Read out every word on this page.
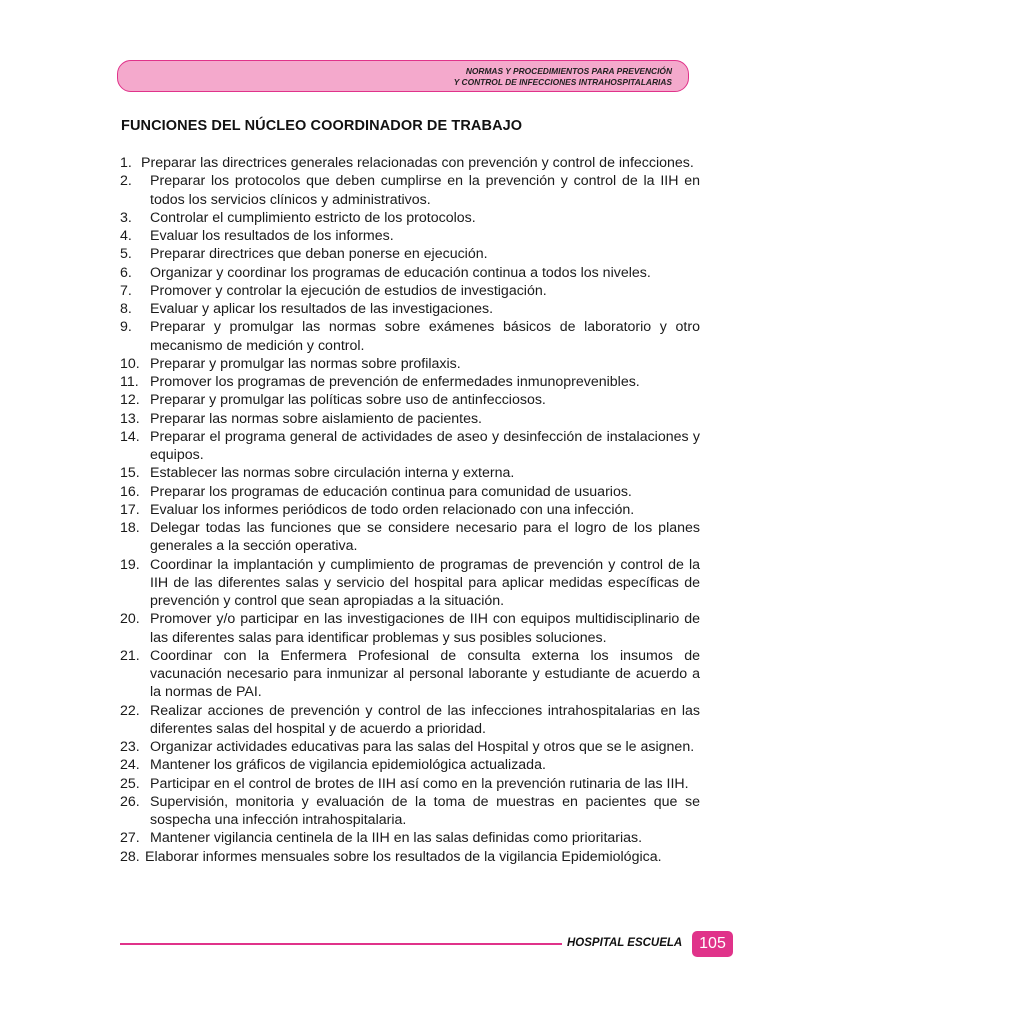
NORMAS Y PROCEDIMIENTOS PARA PREVENCIÓN
Y CONTROL DE INFECCIONES INTRAHOSPITALARIAS
FUNCIONES DEL NÚCLEO COORDINADOR DE TRABAJO
1. Preparar las directrices generales relacionadas con prevención y control de infecciones.
2. Preparar los protocolos que deben cumplirse en la prevención y control de la IIH en todos los servicios clínicos y administrativos.
3. Controlar el cumplimiento estricto de los protocolos.
4. Evaluar los resultados de los informes.
5. Preparar directrices que deban ponerse en ejecución.
6. Organizar y coordinar los programas de educación continua a todos los niveles.
7. Promover y controlar la ejecución de estudios de investigación.
8. Evaluar y aplicar los resultados de las investigaciones.
9. Preparar y promulgar las normas sobre exámenes básicos de laboratorio y otro mecanismo de medición y control.
10. Preparar y promulgar las normas sobre profilaxis.
11. Promover los programas de prevención de enfermedades inmunoprevenibles.
12. Preparar y promulgar las políticas sobre uso de antinfecciosos.
13. Preparar las normas sobre aislamiento de pacientes.
14. Preparar el programa general de actividades de aseo y desinfección de instalaciones y equipos.
15. Establecer las normas sobre circulación interna y externa.
16. Preparar los programas de educación continua para comunidad de usuarios.
17. Evaluar los informes periódicos de todo orden relacionado con una infección.
18. Delegar todas las funciones que se considere necesario para el logro de los planes generales a la sección operativa.
19. Coordinar la implantación y cumplimiento de programas de prevención y control de la IIH de las diferentes salas y servicio del hospital para aplicar medidas específicas de prevención y control que sean apropiadas a la situación.
20. Promover y/o participar en las investigaciones de IIH con equipos multidisciplinario de las diferentes salas para identificar problemas y sus posibles soluciones.
21. Coordinar con la Enfermera Profesional de consulta externa los insumos de vacunación necesario para inmunizar al personal laborante y estudiante de acuerdo a la normas de PAI.
22. Realizar acciones de prevención y control de las infecciones intrahospitalarias en las diferentes salas del hospital y de acuerdo a prioridad.
23. Organizar actividades educativas para las salas del Hospital y otros que se le asignen.
24. Mantener los gráficos de vigilancia epidemiológica actualizada.
25. Participar en el control de brotes de IIH así como en la prevención rutinaria de las IIH.
26. Supervisión, monitoria y evaluación de la toma de muestras en pacientes que se sospecha una infección intrahospitalaria.
27. Mantener vigilancia centinela de la IIH en las salas definidas como prioritarias.
28. Elaborar informes mensuales sobre los resultados de la vigilancia Epidemiológica.
HOSPITAL ESCUELA	105
